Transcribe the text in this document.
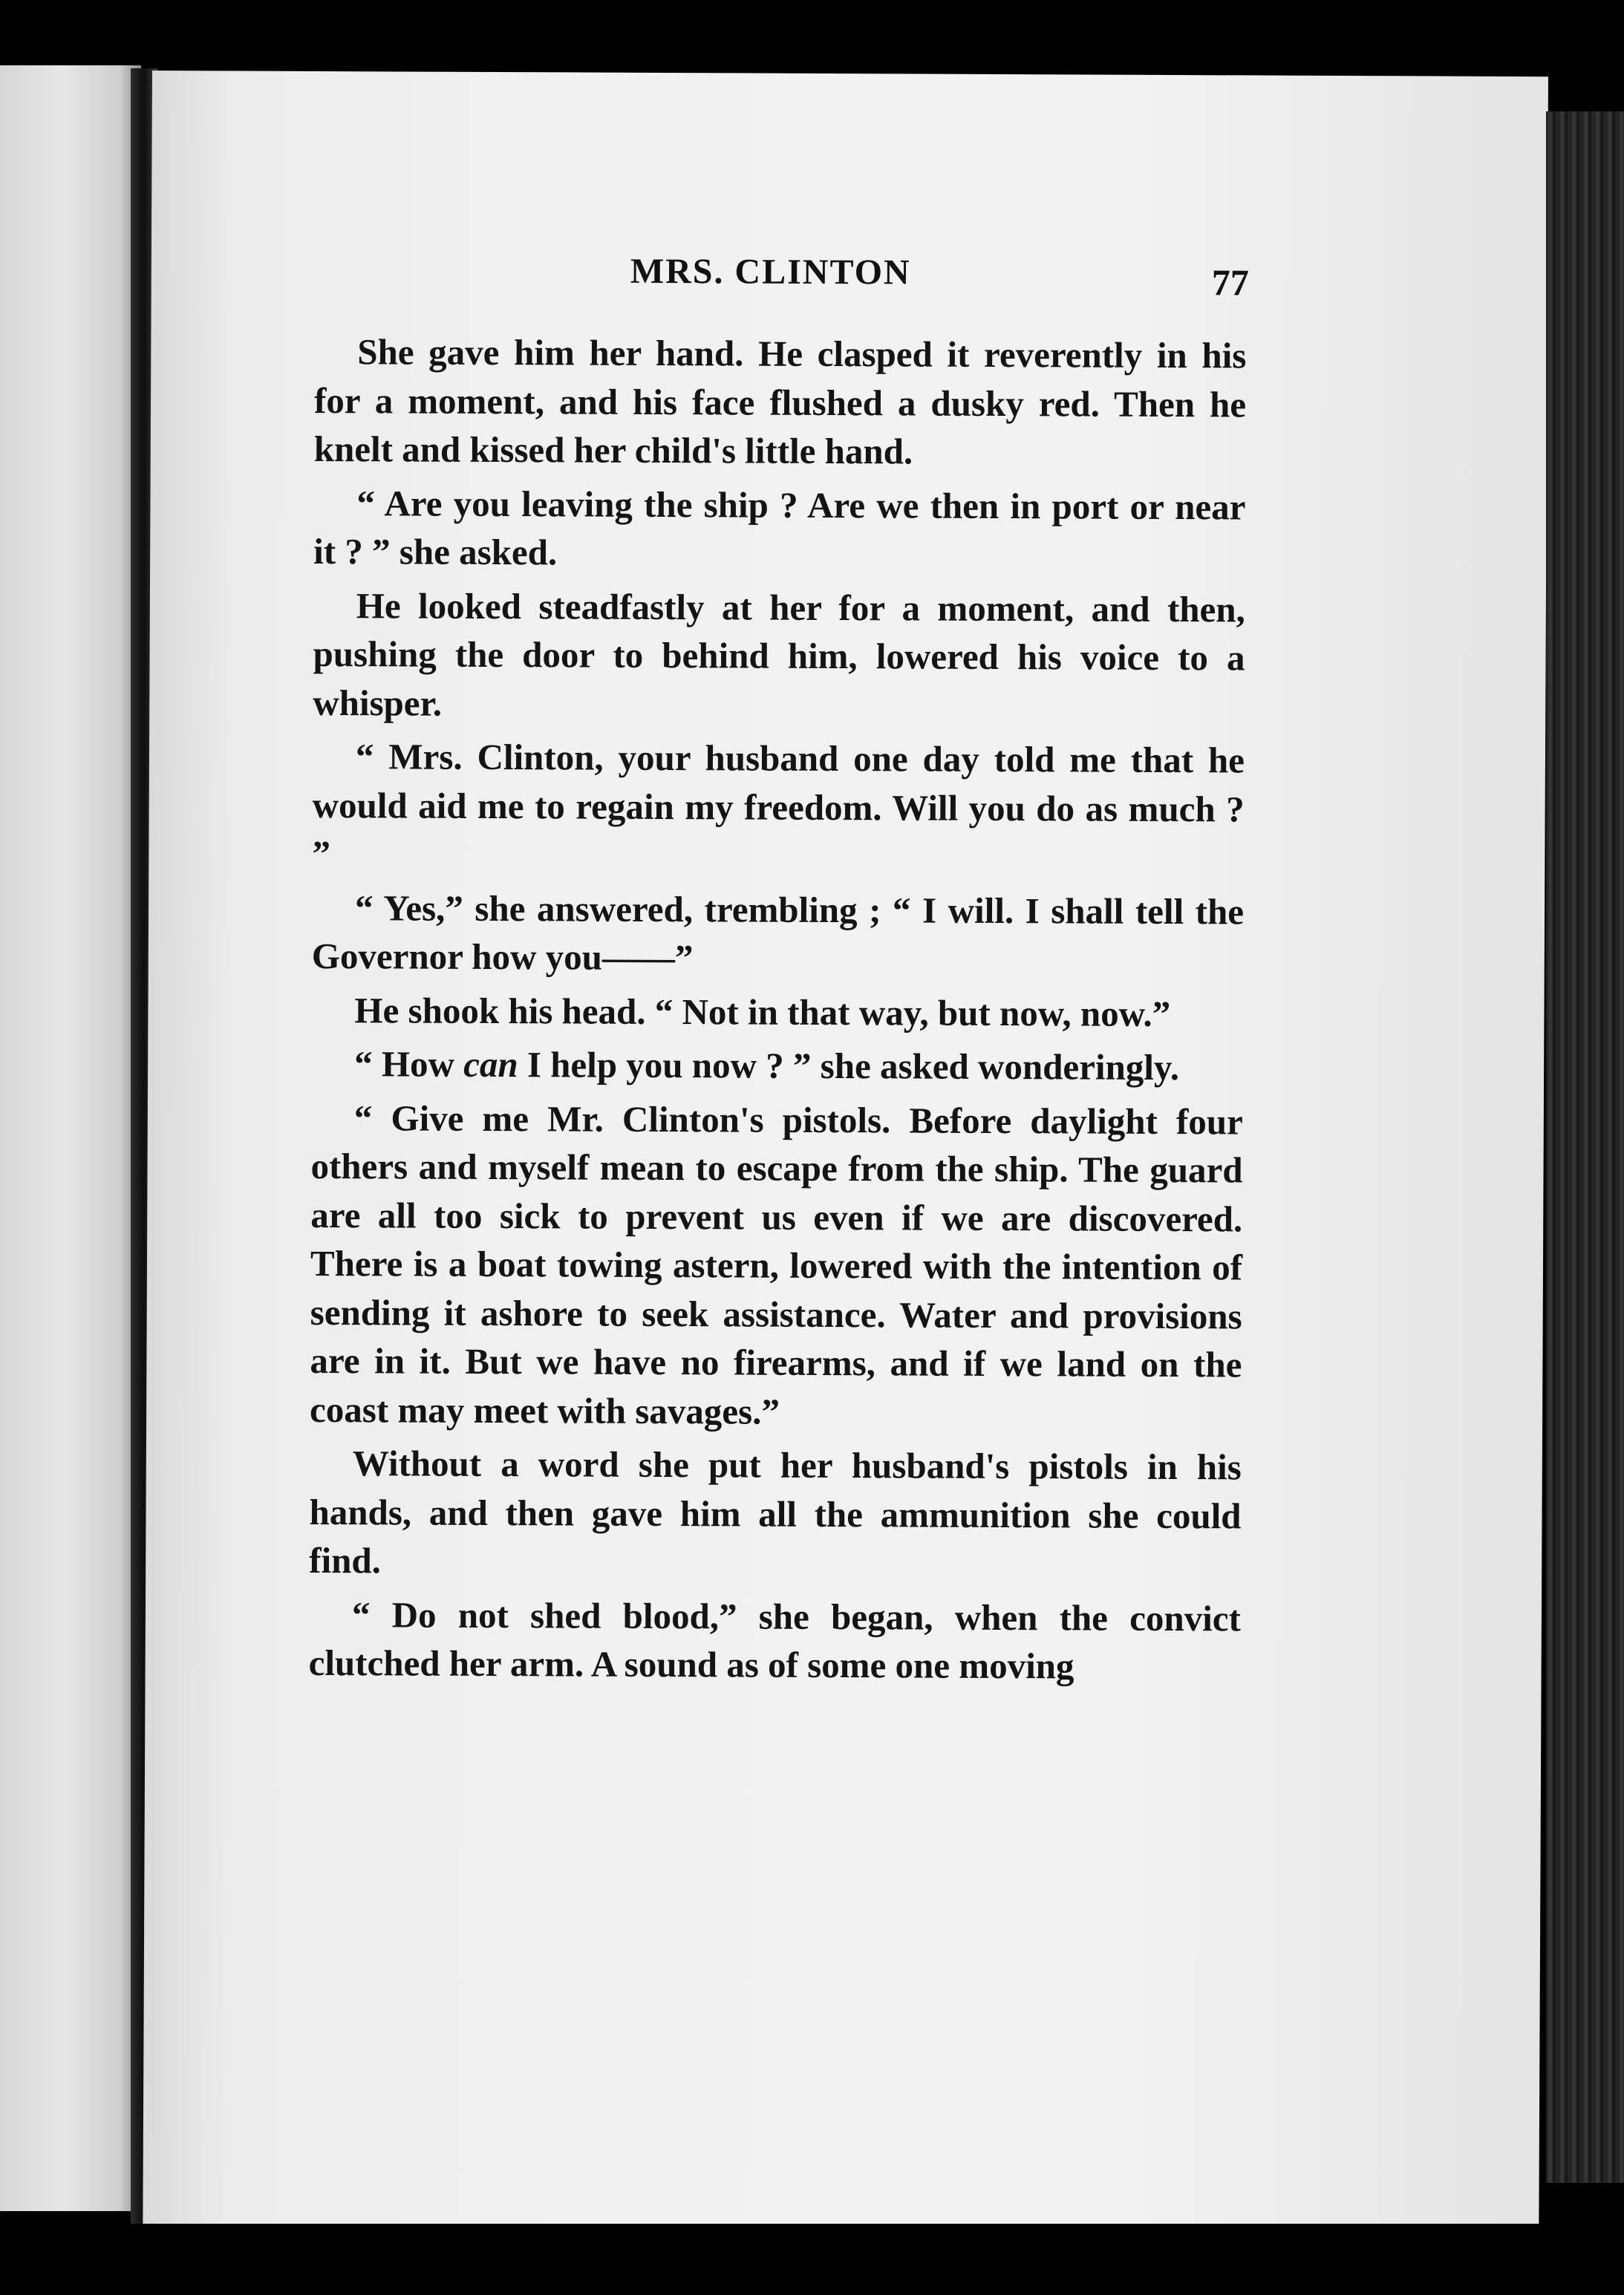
MRS. CLINTON	77

She gave him her hand. He clasped it reverently in his for a moment, and his face flushed a dusky red. Then he knelt and kissed her child's little hand.

“ Are you leaving the ship ? Are we then in port or near it ? ” she asked.

He looked steadfastly at her for a moment, and then, pushing the door to behind him, lowered his voice to a whisper.

“ Mrs. Clinton, your husband one day told me that he would aid me to regain my freedom. Will you do as much ? ”

“ Yes,” she answered, trembling ; “ I will. I shall tell the Governor how you——”

He shook his head. “ Not in that way, but now, now.”

“ How can I help you now ? ” she asked wonderingly.

“ Give me Mr. Clinton's pistols. Before daylight four others and myself mean to escape from the ship. The guard are all too sick to prevent us even if we are discovered. There is a boat towing astern, lowered with the intention of sending it ashore to seek assistance. Water and provisions are in it. But we have no firearms, and if we land on the coast may meet with savages.”

Without a word she put her husband's pistols in his hands, and then gave him all the ammunition she could find.

“ Do not shed blood,” she began, when the convict clutched her arm. A sound as of some one moving
